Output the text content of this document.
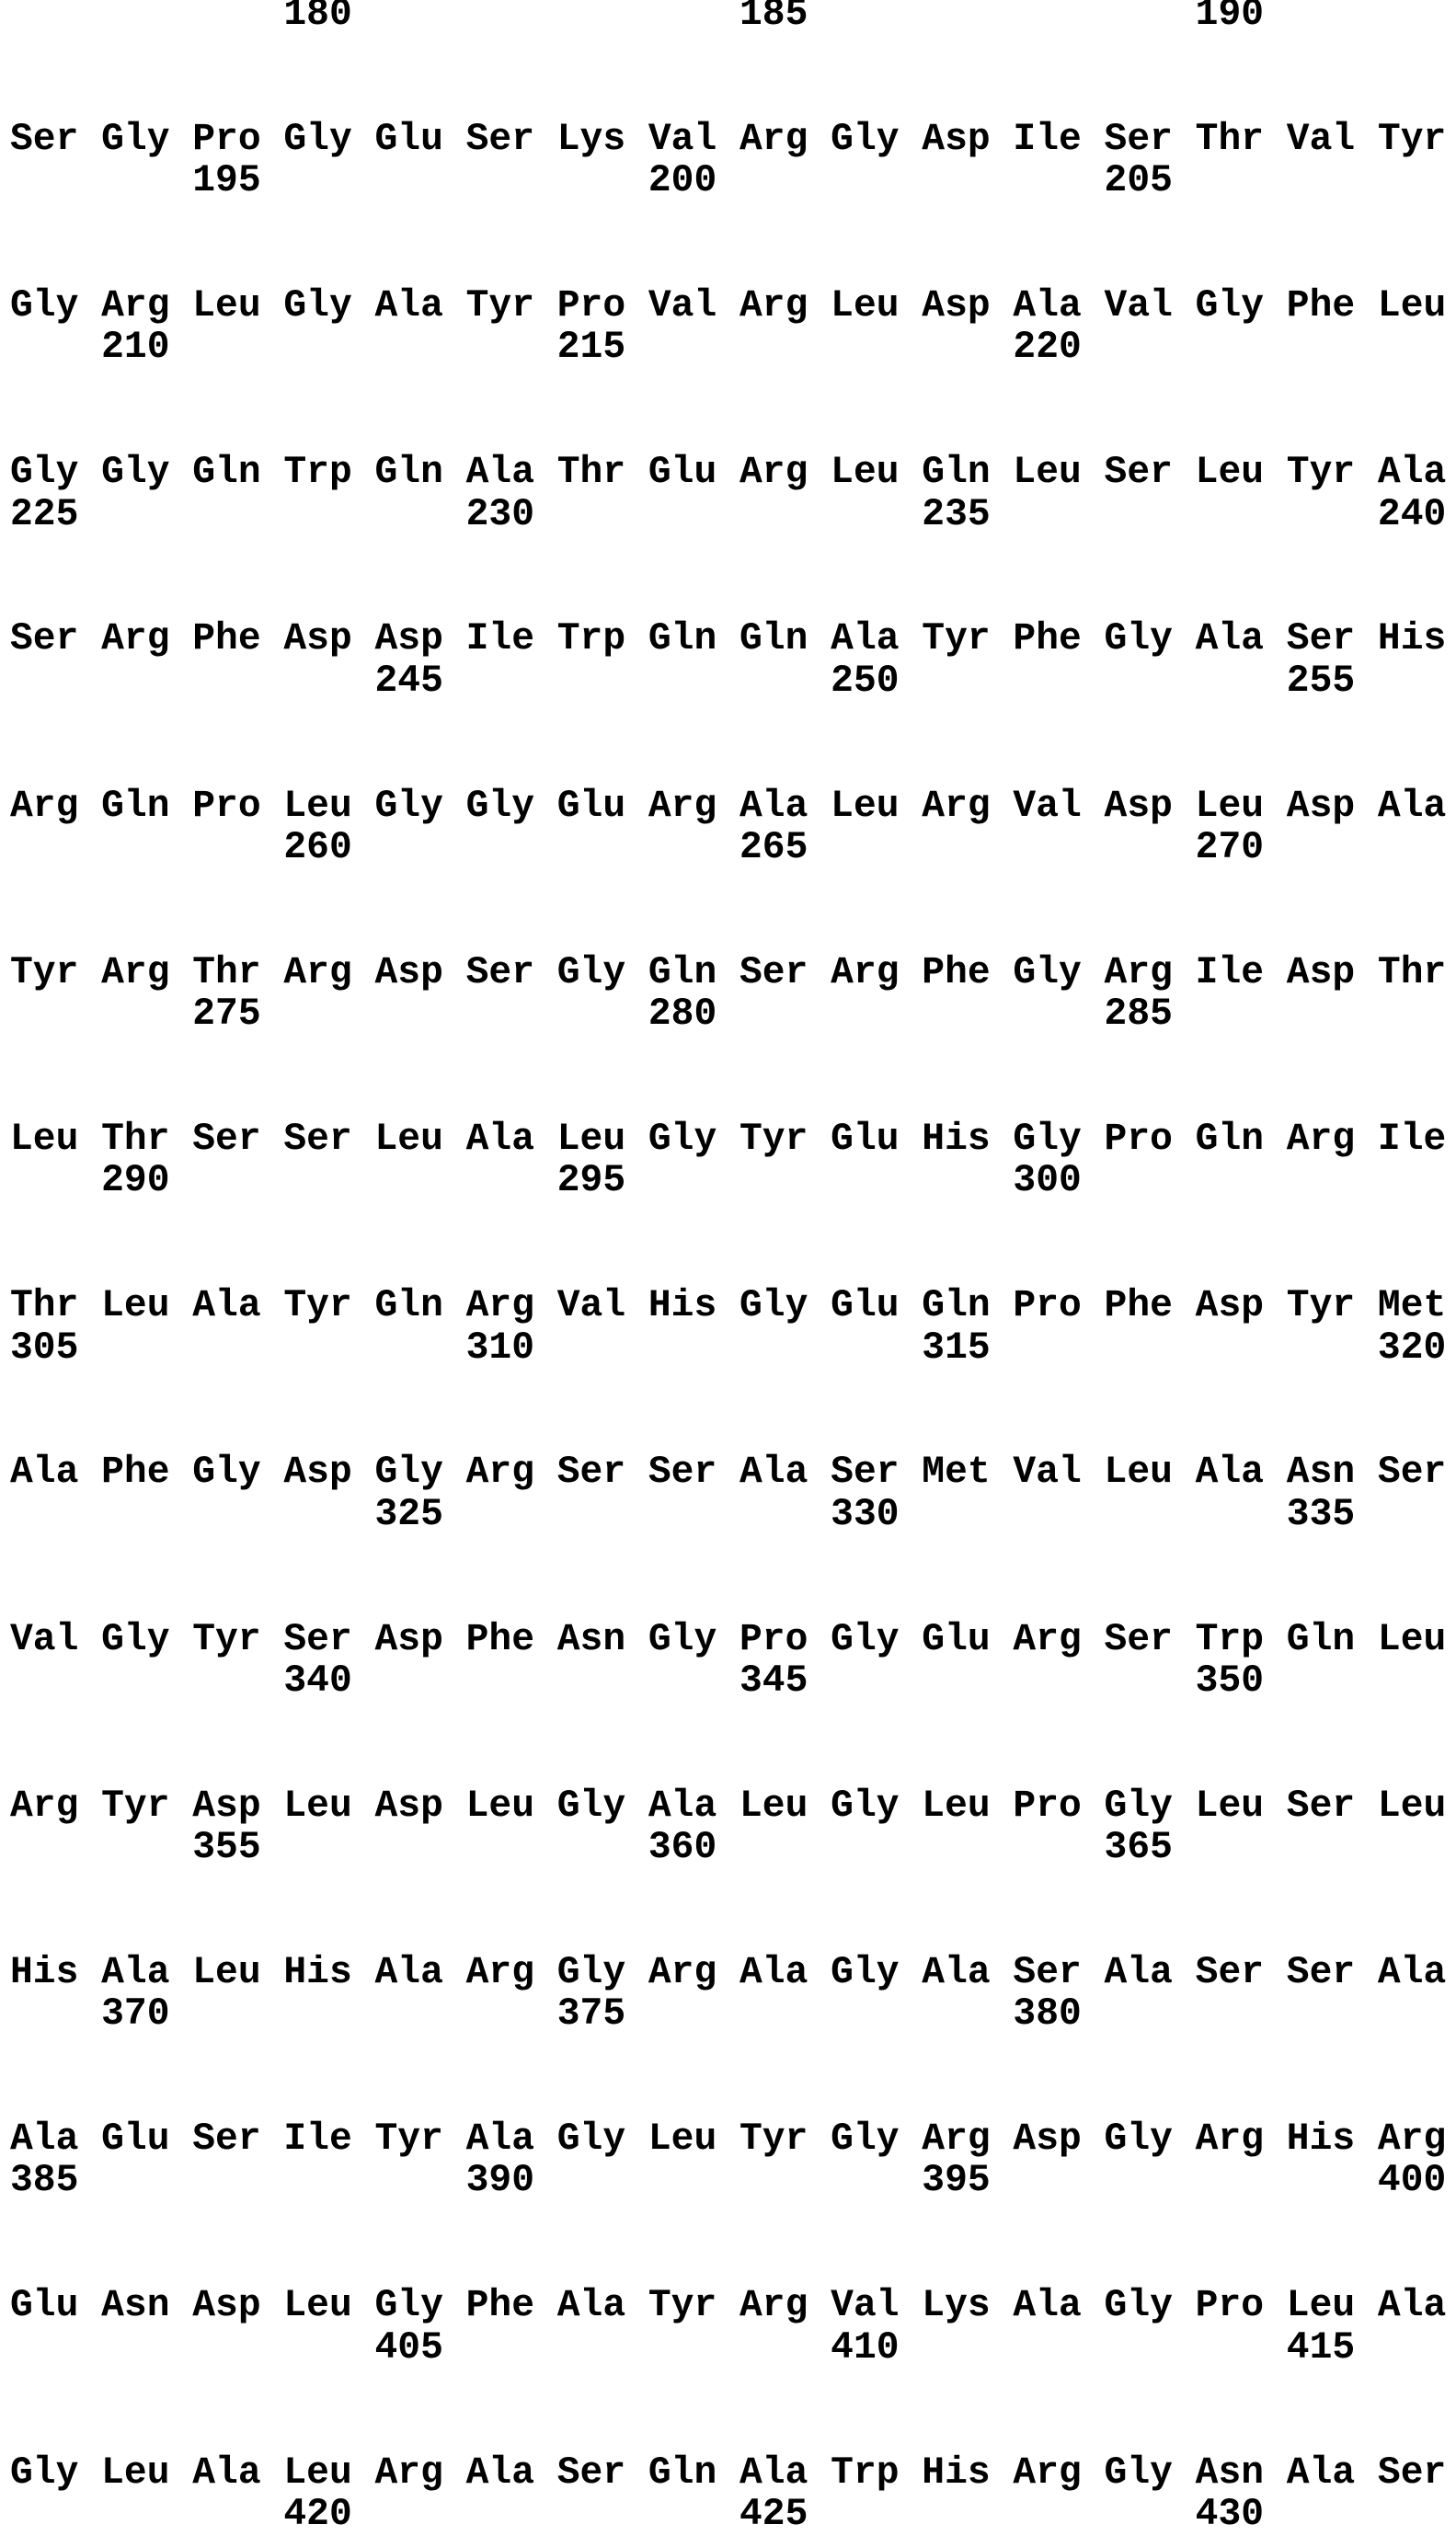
180                 185                 190

Ser Gly Pro Gly Glu Ser Lys Val Arg Gly Asp Ile Ser Thr Val Tyr
195                 200                 205

Gly Arg Leu Gly Ala Tyr Pro Val Arg Leu Asp Ala Val Gly Phe Leu
210                 215                 220

Gly Gly Gln Trp Gln Ala Thr Glu Arg Leu Gln Leu Ser Leu Tyr Ala
225                 230                 235                 240

Ser Arg Phe Asp Asp Ile Trp Gln Gln Ala Tyr Phe Gly Ala Ser His
245                 250                 255

Arg Gln Pro Leu Gly Gly Glu Arg Ala Leu Arg Val Asp Leu Asp Ala
260                 265                 270

Tyr Arg Thr Arg Asp Ser Gly Gln Ser Arg Phe Gly Arg Ile Asp Thr
275                 280                 285

Leu Thr Ser Ser Leu Ala Leu Gly Tyr Glu His Gly Pro Gln Arg Ile
290                 295                 300

Thr Leu Ala Tyr Gln Arg Val His Gly Glu Gln Pro Phe Asp Tyr Met
305                 310                 315                 320

Ala Phe Gly Asp Gly Arg Ser Ser Ala Ser Met Val Leu Ala Asn Ser
325                 330                 335

Val Gly Tyr Ser Asp Phe Asn Gly Pro Gly Glu Arg Ser Trp Gln Leu
340                 345                 350

Arg Tyr Asp Leu Asp Leu Gly Ala Leu Gly Leu Pro Gly Leu Ser Leu
355                 360                 365

His Ala Leu His Ala Arg Gly Arg Ala Gly Ala Ser Ala Ser Ser Ala
370                 375                 380

Ala Glu Ser Ile Tyr Ala Gly Leu Tyr Gly Arg Asp Gly Arg His Arg
385                 390                 395                 400

Glu Asn Asp Leu Gly Phe Ala Tyr Arg Val Lys Ala Gly Pro Leu Ala
405                 410                 415

Gly Leu Ala Leu Arg Ala Ser Gln Ala Trp His Arg Gly Asn Ala Ser
420                 425                 430
